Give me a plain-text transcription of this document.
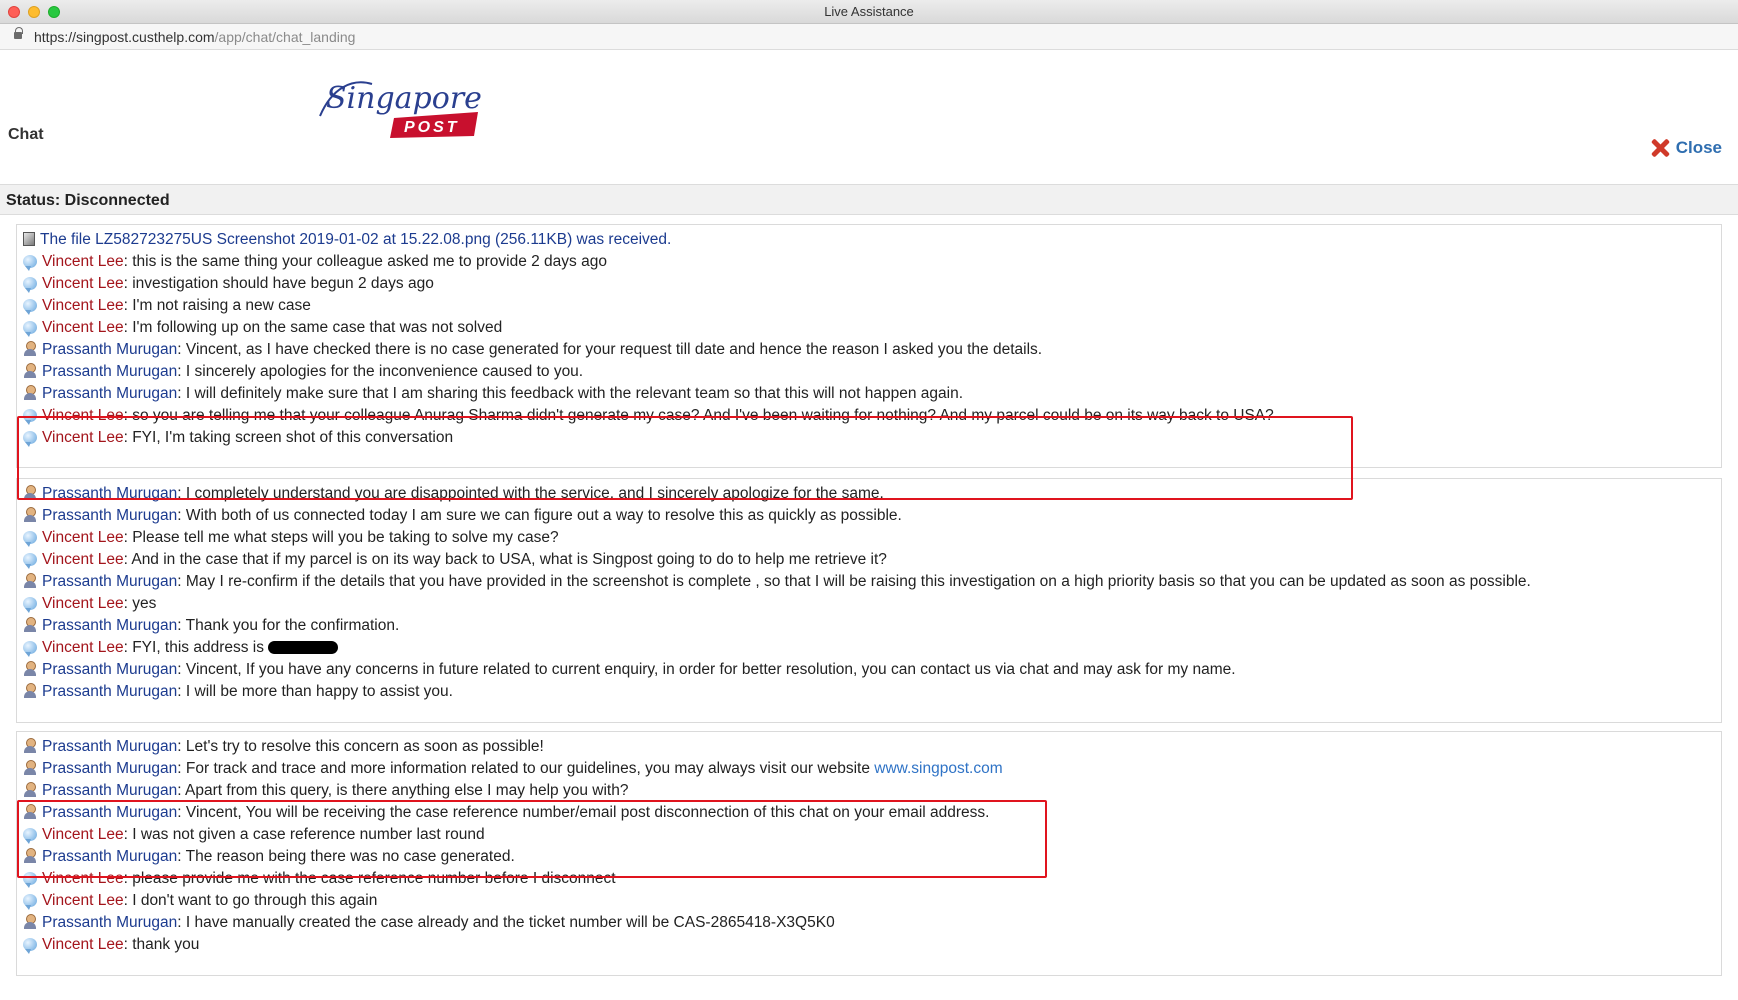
Live Assistance
https://singpost.custhelp.com/app/chat/chat_landing
Chat
Singapore
POST
Close
Status: Disconnected
The file LZ582723275US Screenshot 2019-01-02 at 15.22.08.png (256.11KB) was received.
Vincent Lee: this is the same thing your colleague asked me to provide 2 days ago
Vincent Lee: investigation should have begun 2 days ago
Vincent Lee: I'm not raising a new case
Vincent Lee: I'm following up on the same case that was not solved
Prassanth Murugan: Vincent, as I have checked there is no case generated for your request till date and hence the reason I asked you the details.
Prassanth Murugan: I sincerely apologies for the inconvenience caused to you.
Prassanth Murugan: I will definitely make sure that I am sharing this feedback with the relevant team so that this will not happen again.
Vincent Lee: so you are telling me that your colleague Anurag Sharma didn't generate my case? And I've been waiting for nothing? And my parcel could be on its way back to USA?
Vincent Lee: FYI, I'm taking screen shot of this conversation
Prassanth Murugan: I completely understand you are disappointed with the service, and I sincerely apologize for the same.
Prassanth Murugan: With both of us connected today I am sure we can figure out a way to resolve this as quickly as possible.
Vincent Lee: Please tell me what steps will you be taking to solve my case?
Vincent Lee: And in the case that if my parcel is on its way back to USA, what is Singpost going to do to help me retrieve it?
Prassanth Murugan: May I re-confirm if the details that you have provided in the screenshot is complete , so that I will be raising this investigation on a high priority basis so that you can be updated as soon as possible.
Vincent Lee: yes
Prassanth Murugan: Thank you for the confirmation.
Vincent Lee: FYI, this address is
Prassanth Murugan: Vincent, If you have any concerns in future related to current enquiry, in order for better resolution, you can contact us via chat and may ask for my name.
Prassanth Murugan: I will be more than happy to assist you.
Prassanth Murugan: Let's try to resolve this concern as soon as possible!
Prassanth Murugan: For track and trace and more information related to our guidelines, you may always visit our website www.singpost.com
Prassanth Murugan: Apart from this query, is there anything else I may help you with?
Prassanth Murugan: Vincent, You will be receiving the case reference number/email post disconnection of this chat on your email address.
Vincent Lee: I was not given a case reference number last round
Prassanth Murugan: The reason being there was no case generated.
Vincent Lee: please provide me with the case reference number before I disconnect
Vincent Lee: I don't want to go through this again
Prassanth Murugan: I have manually created the case already and the ticket number will be CAS-2865418-X3Q5K0
Vincent Lee: thank you
